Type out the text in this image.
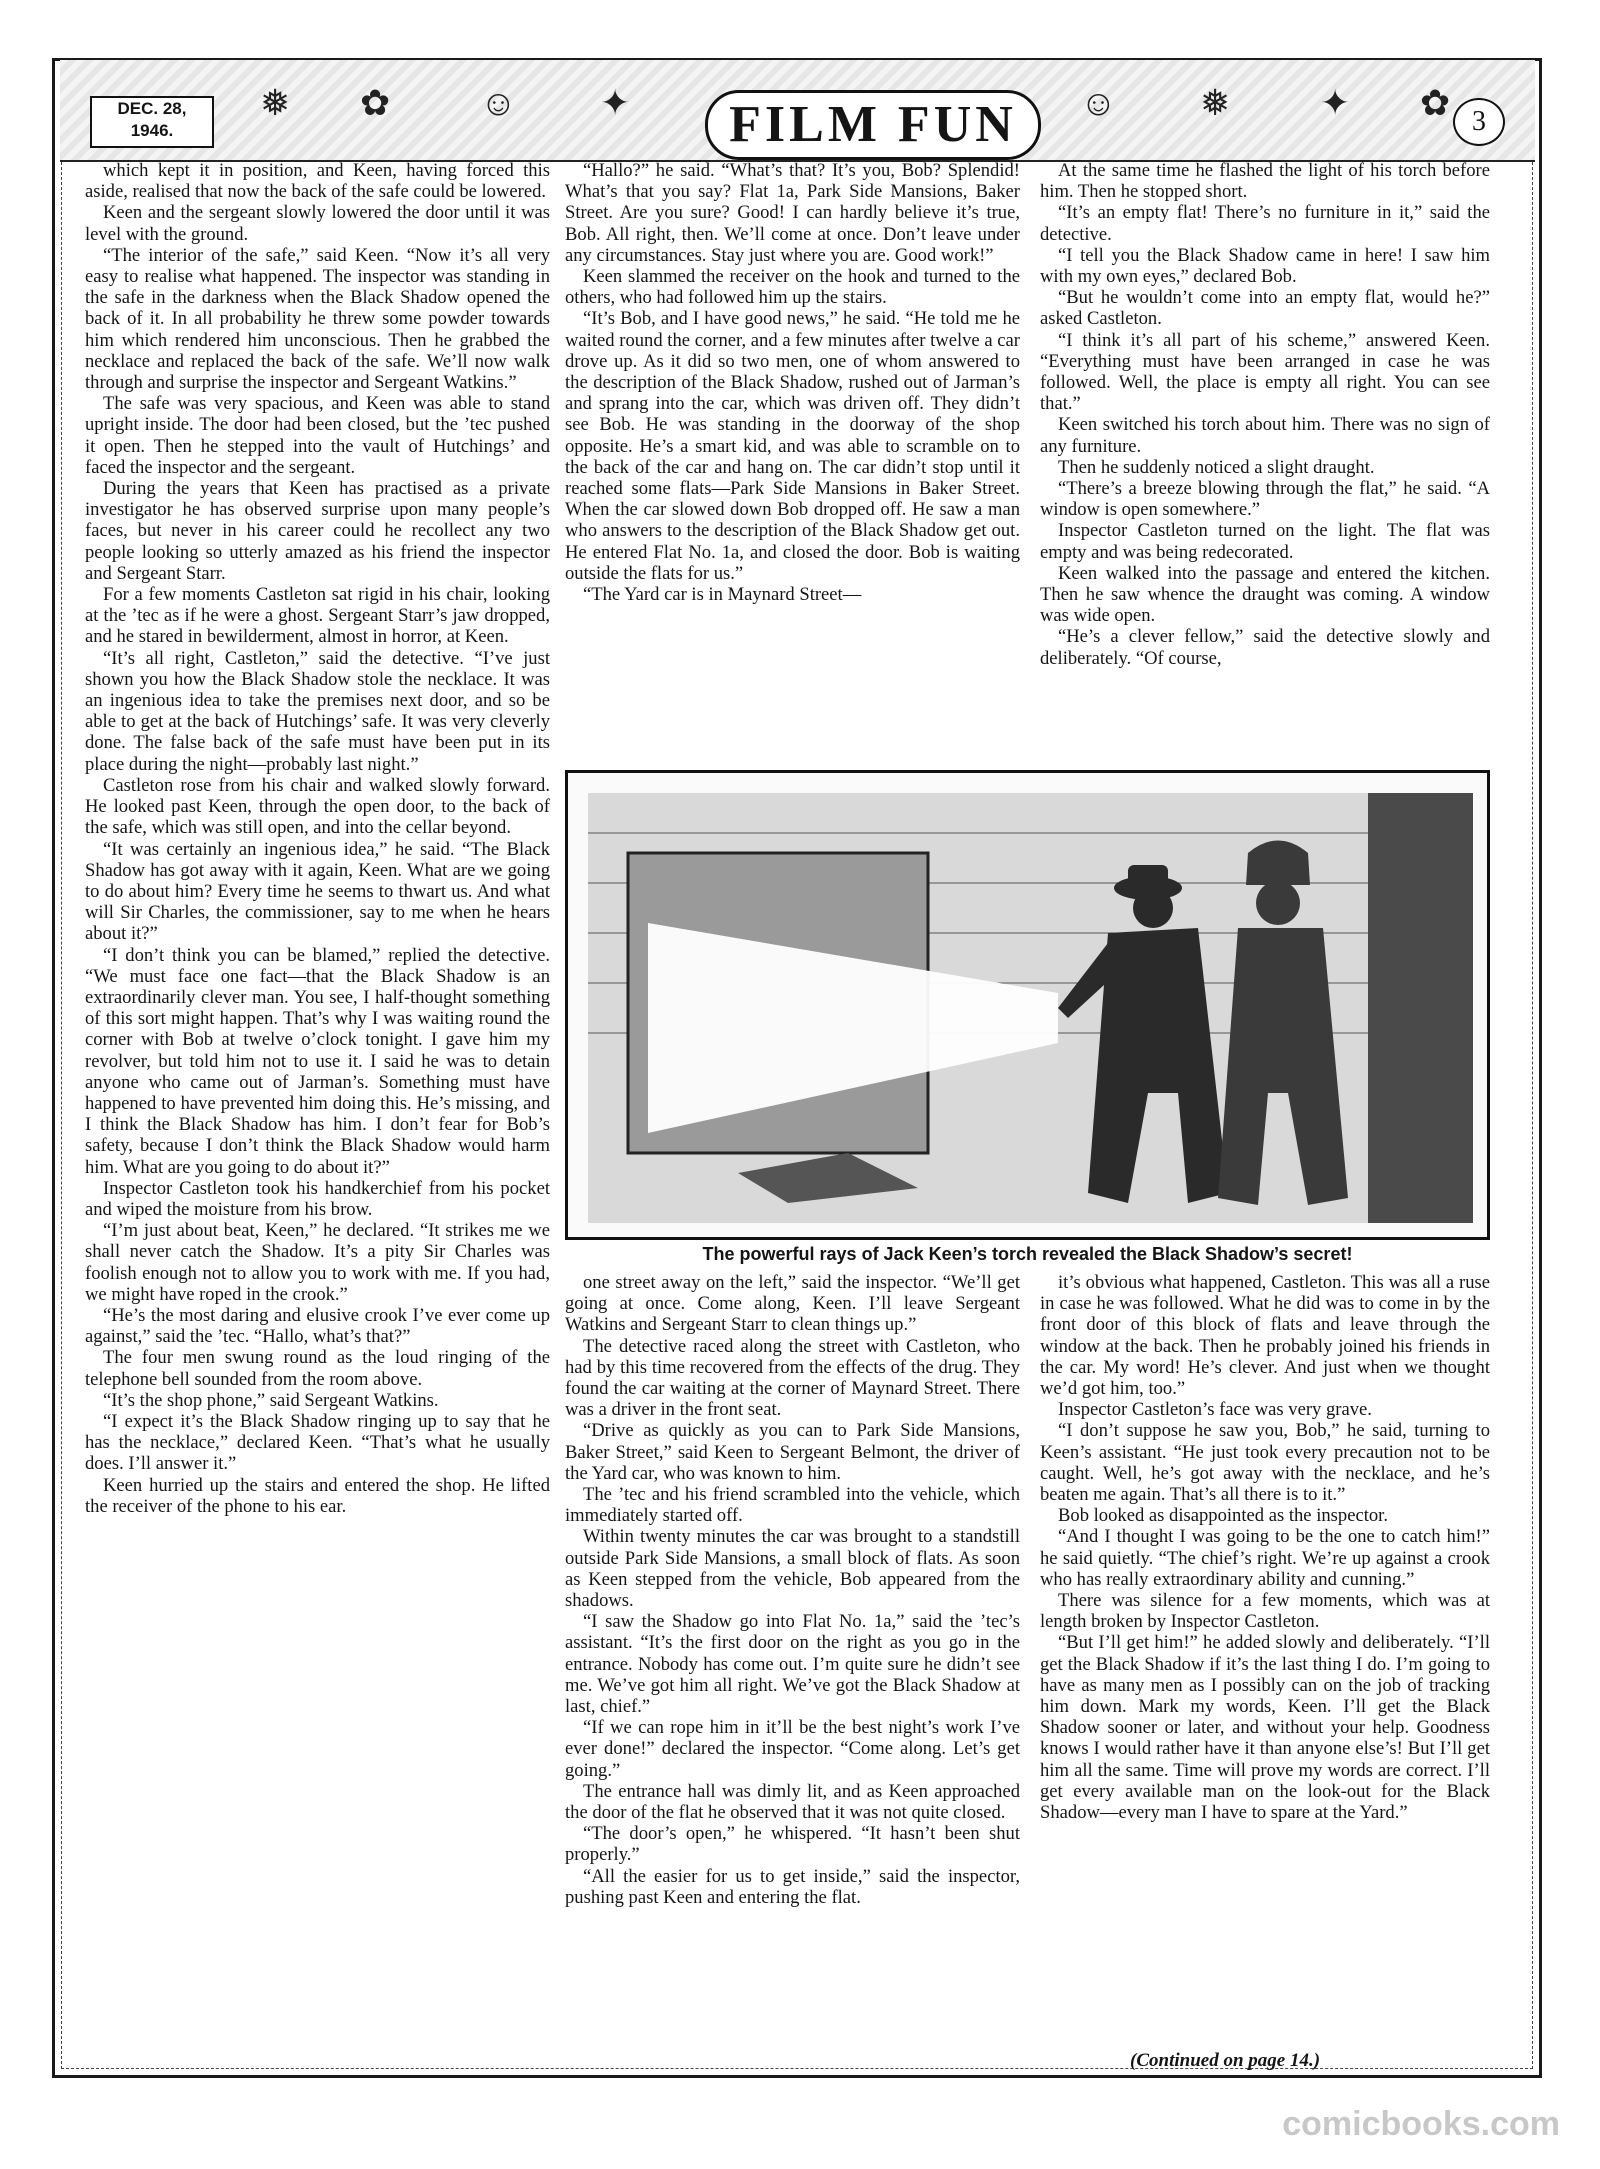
DEC. 28,
1946.
❅ ✿ ☺ ✦	FILM FUN	☺ ❅ ✦ ✿ 3

which kept it in position, and Keen, having forced this aside, realised that now the back of the safe could be lowered.

Keen and the sergeant slowly lowered the door until it was level with the ground.

“The interior of the safe,” said Keen. “Now it’s all very easy to realise what happened. The inspector was standing in the safe in the darkness when the Black Shadow opened the back of it. In all probability he threw some powder towards him which rendered him unconscious. Then he grabbed the necklace and replaced the back of the safe. We’ll now walk through and surprise the inspector and Sergeant Watkins.”

The safe was very spacious, and Keen was able to stand upright inside. The door had been closed, but the ’tec pushed it open. Then he stepped into the vault of Hutchings’ and faced the inspector and the sergeant.

During the years that Keen has practised as a private investigator he has observed surprise upon many people’s faces, but never in his career could he recollect any two people looking so utterly amazed as his friend the inspector and Sergeant Starr.

For a few moments Castleton sat rigid in his chair, looking at the ’tec as if he were a ghost. Sergeant Starr’s jaw dropped, and he stared in bewilderment, almost in horror, at Keen.

“It’s all right, Castleton,” said the detective. “I’ve just shown you how the Black Shadow stole the necklace. It was an ingenious idea to take the premises next door, and so be able to get at the back of Hutchings’ safe. It was very cleverly done. The false back of the safe must have been put in its place during the night—probably last night.”

Castleton rose from his chair and walked slowly forward. He looked past Keen, through the open door, to the back of the safe, which was still open, and into the cellar beyond.

“It was certainly an ingenious idea,” he said. “The Black Shadow has got away with it again, Keen. What are we going to do about him? Every time he seems to thwart us. And what will Sir Charles, the commissioner, say to me when he hears about it?”

“I don’t think you can be blamed,” replied the detective. “We must face one fact—that the Black Shadow is an extraordinarily clever man. You see, I half-thought something of this sort might happen. That’s why I was waiting round the corner with Bob at twelve o’clock tonight. I gave him my revolver, but told him not to use it. I said he was to detain anyone who came out of Jarman’s. Something must have happened to have prevented him doing this. He’s missing, and I think the Black Shadow has him. I don’t fear for Bob’s safety, because I don’t think the Black Shadow would harm him. What are you going to do about it?”

Inspector Castleton took his handkerchief from his pocket and wiped the moisture from his brow.

“I’m just about beat, Keen,” he declared. “It strikes me we shall never catch the Shadow. It’s a pity Sir Charles was foolish enough not to allow you to work with me. If you had, we might have roped in the crook.”

“He’s the most daring and elusive crook I’ve ever come up against,” said the ’tec. “Hallo, what’s that?”

The four men swung round as the loud ringing of the telephone bell sounded from the room above.

“It’s the shop phone,” said Sergeant Watkins.

“I expect it’s the Black Shadow ringing up to say that he has the necklace,” declared Keen. “That’s what he usually does. I’ll answer it.”

Keen hurried up the stairs and entered the shop. He lifted the receiver of the phone to his ear.

“Hallo?” he said. “What’s that? It’s you, Bob? Splendid! What’s that you say? Flat 1a, Park Side Mansions, Baker Street. Are you sure? Good! I can hardly believe it’s true, Bob. All right, then. We’ll come at once. Don’t leave under any circumstances. Stay just where you are. Good work!”

Keen slammed the receiver on the hook and turned to the others, who had followed him up the stairs.

“It’s Bob, and I have good news,” he said. “He told me he waited round the corner, and a few minutes after twelve a car drove up. As it did so two men, one of whom answered to the description of the Black Shadow, rushed out of Jarman’s and sprang into the car, which was driven off. They didn’t see Bob. He was standing in the doorway of the shop opposite. He’s a smart kid, and was able to scramble on to the back of the car and hang on. The car didn’t stop until it reached some flats—Park Side Mansions in Baker Street. When the car slowed down Bob dropped off. He saw a man who answers to the description of the Black Shadow get out. He entered Flat No. 1a, and closed the door. Bob is waiting outside the flats for us.”

“The Yard car is in Maynard Street—

At the same time he flashed the light of his torch before him. Then he stopped short.

“It’s an empty flat! There’s no furniture in it,” said the detective.

“I tell you the Black Shadow came in here! I saw him with my own eyes,” declared Bob.

“But he wouldn’t come into an empty flat, would he?” asked Castleton.

“I think it’s all part of his scheme,” answered Keen. “Everything must have been arranged in case he was followed. Well, the place is empty all right. You can see that.”

Keen switched his torch about him. There was no sign of any furniture.

Then he suddenly noticed a slight draught.

“There’s a breeze blowing through the flat,” he said. “A window is open somewhere.”

Inspector Castleton turned on the light. The flat was empty and was being redecorated.

Keen walked into the passage and entered the kitchen. Then he saw whence the draught was coming. A window was wide open.

“He’s a clever fellow,” said the detective slowly and deliberately. “Of course,

The powerful rays of Jack Keen’s torch revealed the Black Shadow’s secret!

one street away on the left,” said the inspector. “We’ll get going at once. Come along, Keen. I’ll leave Sergeant Watkins and Sergeant Starr to clean things up.”

The detective raced along the street with Castleton, who had by this time recovered from the effects of the drug. They found the car waiting at the corner of Maynard Street. There was a driver in the front seat.

“Drive as quickly as you can to Park Side Mansions, Baker Street,” said Keen to Sergeant Belmont, the driver of the Yard car, who was known to him.

The ’tec and his friend scrambled into the vehicle, which immediately started off.

Within twenty minutes the car was brought to a standstill outside Park Side Mansions, a small block of flats. As soon as Keen stepped from the vehicle, Bob appeared from the shadows.

“I saw the Shadow go into Flat No. 1a,” said the ’tec’s assistant. “It’s the first door on the right as you go in the entrance. Nobody has come out. I’m quite sure he didn’t see me. We’ve got him all right. We’ve got the Black Shadow at last, chief.”

“If we can rope him in it’ll be the best night’s work I’ve ever done!” declared the inspector. “Come along. Let’s get going.”

The entrance hall was dimly lit, and as Keen approached the door of the flat he observed that it was not quite closed.

“The door’s open,” he whispered. “It hasn’t been shut properly.”

“All the easier for us to get inside,” said the inspector, pushing past Keen and entering the flat.

it’s obvious what happened, Castleton. This was all a ruse in case he was followed. What he did was to come in by the front door of this block of flats and leave through the window at the back. Then he probably joined his friends in the car. My word! He’s clever. And just when we thought we’d got him, too.”

Inspector Castleton’s face was very grave.

“I don’t suppose he saw you, Bob,” he said, turning to Keen’s assistant. “He just took every precaution not to be caught. Well, he’s got away with the necklace, and he’s beaten me again. That’s all there is to it.”

Bob looked as disappointed as the inspector.

“And I thought I was going to be the one to catch him!” he said quietly. “The chief’s right. We’re up against a crook who has really extraordinary ability and cunning.”

There was silence for a few moments, which was at length broken by Inspector Castleton.

“But I’ll get him!” he added slowly and deliberately. “I’ll get the Black Shadow if it’s the last thing I do. I’m going to have as many men as I possibly can on the job of tracking him down. Mark my words, Keen. I’ll get the Black Shadow sooner or later, and without your help. Goodness knows I would rather have it than anyone else’s! But I’ll get him all the same. Time will prove my words are correct. I’ll get every available man on the look-out for the Black Shadow—every man I have to spare at the Yard.”

(Continued on page 14.)
comicbooks.com
